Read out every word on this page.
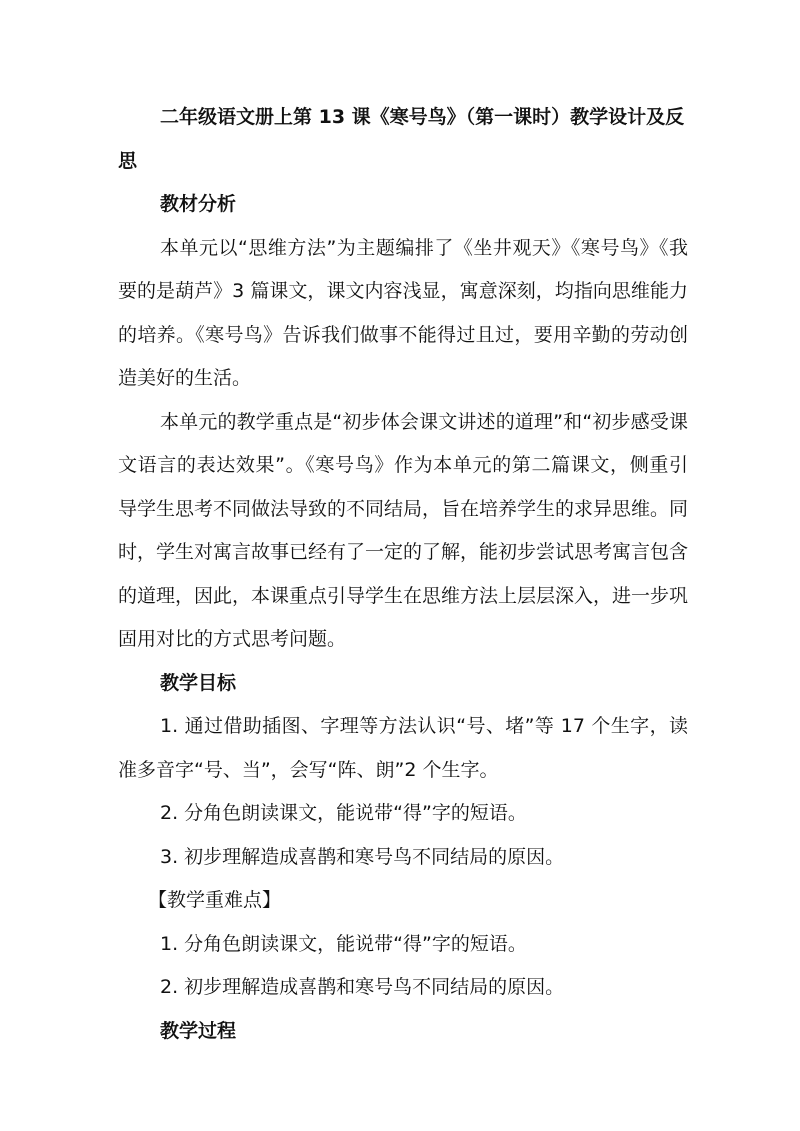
二年级语文册上第 13 课《寒号鸟》（第一课时）教学设计及反思

教材分析

本单元以“思维方法”为主题编排了《坐井观天》《寒号鸟》《我要的是葫芦》3 篇课文，课文内容浅显，寓意深刻，均指向思维能力的培养。《寒号鸟》告诉我们做事不能得过且过，要用辛勤的劳动创造美好的生活。

本单元的教学重点是“初步体会课文讲述的道理”和“初步感受课文语言的表达效果”。《寒号鸟》作为本单元的第二篇课文，侧重引导学生思考不同做法导致的不同结局，旨在培养学生的求异思维。同时，学生对寓言故事已经有了一定的了解，能初步尝试思考寓言包含的道理，因此，本课重点引导学生在思维方法上层层深入，进一步巩固用对比的方式思考问题。

教学目标

1. 通过借助插图、字理等方法认识“号、堵”等 17 个生字，读准多音字“号、当”，会写“阵、朗”2 个生字。

2. 分角色朗读课文，能说带“得”字的短语。

3. 初步理解造成喜鹊和寒号鸟不同结局的原因。

【教学重难点】

1. 分角色朗读课文，能说带“得”字的短语。

2. 初步理解造成喜鹊和寒号鸟不同结局的原因。

教学过程
